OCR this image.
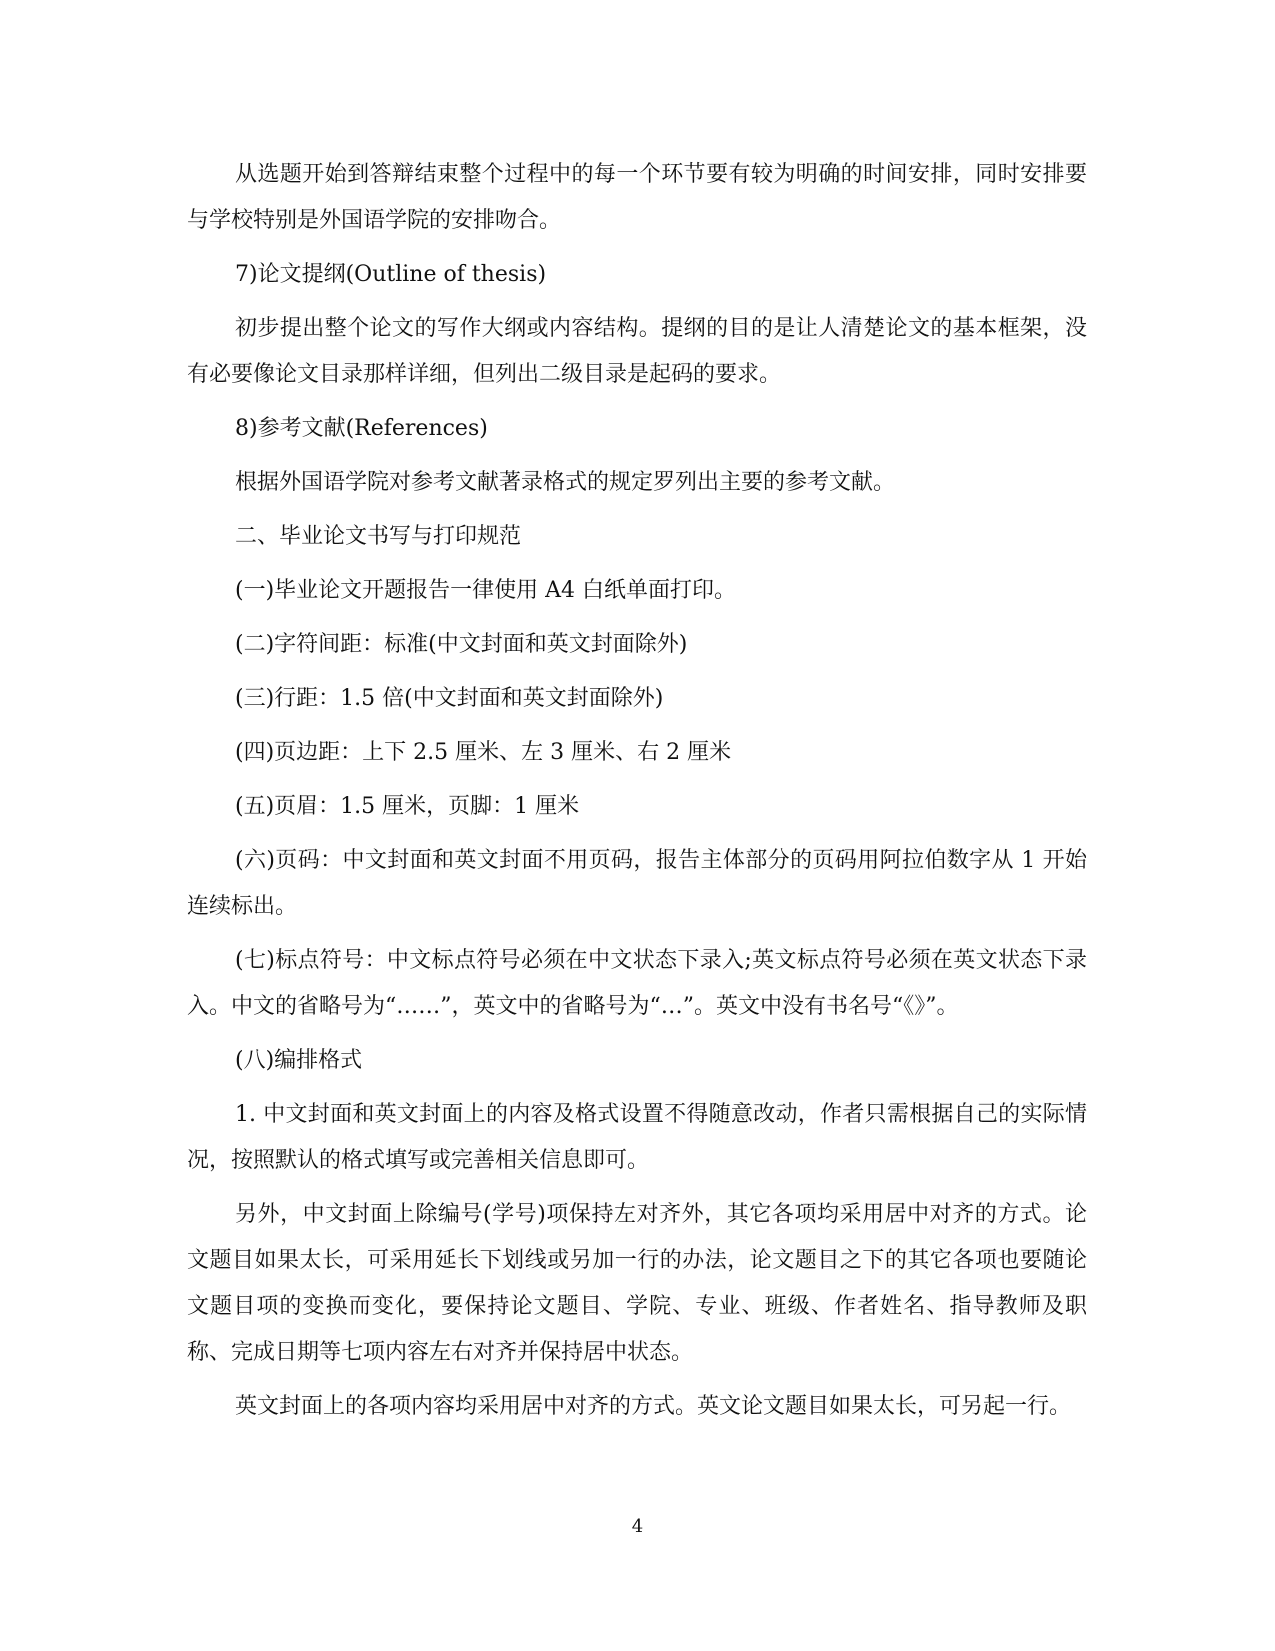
从选题开始到答辩结束整个过程中的每一个环节要有较为明确的时间安排，同时安排要与学校特别是外国语学院的安排吻合。

7)论文提纲(Outline of thesis)

初步提出整个论文的写作大纲或内容结构。提纲的目的是让人清楚论文的基本框架，没有必要像论文目录那样详细，但列出二级目录是起码的要求。

8)参考文献(References)

根据外国语学院对参考文献著录格式的规定罗列出主要的参考文献。

二、毕业论文书写与打印规范

(一)毕业论文开题报告一律使用 A4 白纸单面打印。

(二)字符间距：标准(中文封面和英文封面除外)

(三)行距：1.5 倍(中文封面和英文封面除外)

(四)页边距：上下 2.5 厘米、左 3 厘米、右 2 厘米

(五)页眉：1.5 厘米，页脚：1 厘米

(六)页码：中文封面和英文封面不用页码，报告主体部分的页码用阿拉伯数字从 1 开始连续标出。

(七)标点符号：中文标点符号必须在中文状态下录入;英文标点符号必须在英文状态下录入。中文的省略号为“……”，英文中的省略号为“…”。英文中没有书名号“《》”。

(八)编排格式

1. 中文封面和英文封面上的内容及格式设置不得随意改动，作者只需根据自己的实际情况，按照默认的格式填写或完善相关信息即可。

另外，中文封面上除编号(学号)项保持左对齐外，其它各项均采用居中对齐的方式。论文题目如果太长，可采用延长下划线或另加一行的办法，论文题目之下的其它各项也要随论文题目项的变换而变化，要保持论文题目、学院、专业、班级、作者姓名、指导教师及职称、完成日期等七项内容左右对齐并保持居中状态。

英文封面上的各项内容均采用居中对齐的方式。英文论文题目如果太长，可另起一行。

4
